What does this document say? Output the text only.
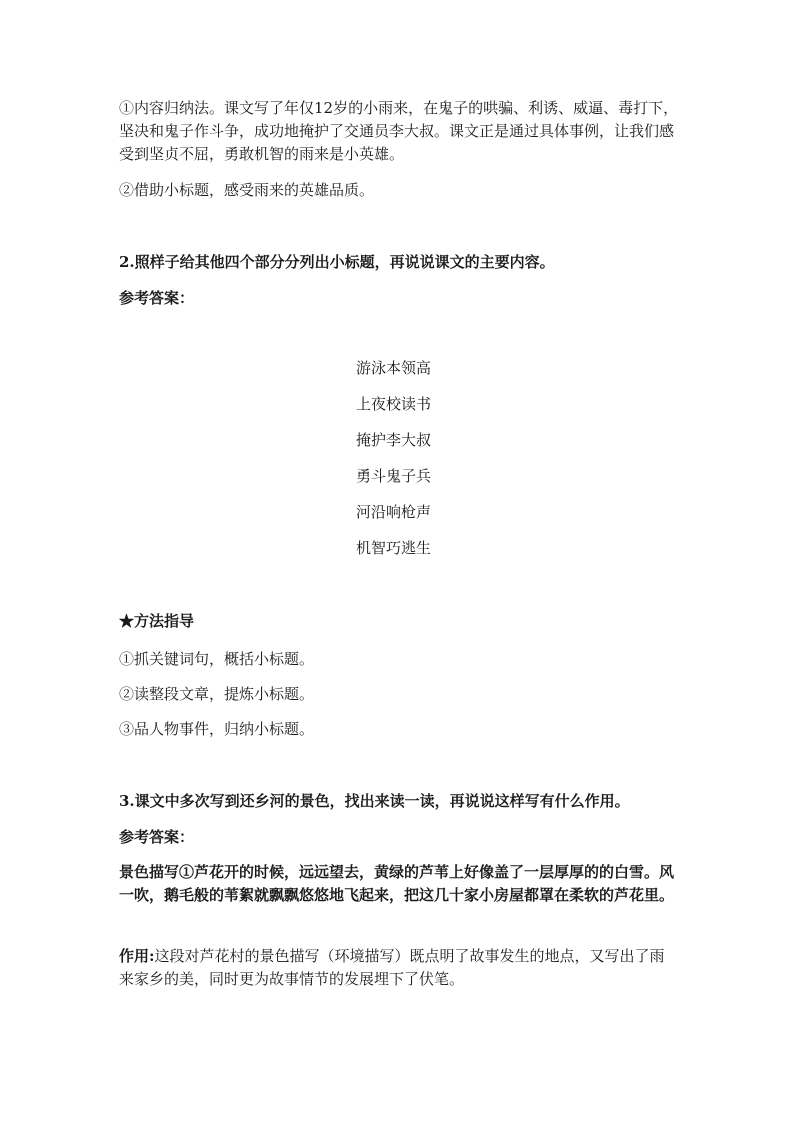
①内容归纳法。课文写了年仅12岁的小雨来，在鬼子的哄骗、利诱、威逼、毒打下，坚决和鬼子作斗争，成功地掩护了交通员李大叔。课文正是通过具体事例，让我们感受到坚贞不屈，勇敢机智的雨来是小英雄。

②借助小标题，感受雨来的英雄品质。

2.照样子给其他四个部分分列出小标题，再说说课文的主要内容。

参考答案：

游泳本领高
上夜校读书
掩护李大叔
勇斗鬼子兵
河沿响枪声
机智巧逃生

★方法指导

①抓关键词句，概括小标题。

②读整段文章，提炼小标题。

③品人物事件，归纳小标题。

3.课文中多次写到还乡河的景色，找出来读一读，再说说这样写有什么作用。

参考答案：

景色描写①芦花开的时候，远远望去，黄绿的芦苇上好像盖了一层厚厚的的白雪。风一吹，鹅毛般的苇絮就飘飘悠悠地飞起来，把这几十家小房屋都罩在柔软的芦花里。

作用:这段对芦花村的景色描写（环境描写）既点明了故事发生的地点，又写出了雨来家乡的美，同时更为故事情节的发展埋下了伏笔。
